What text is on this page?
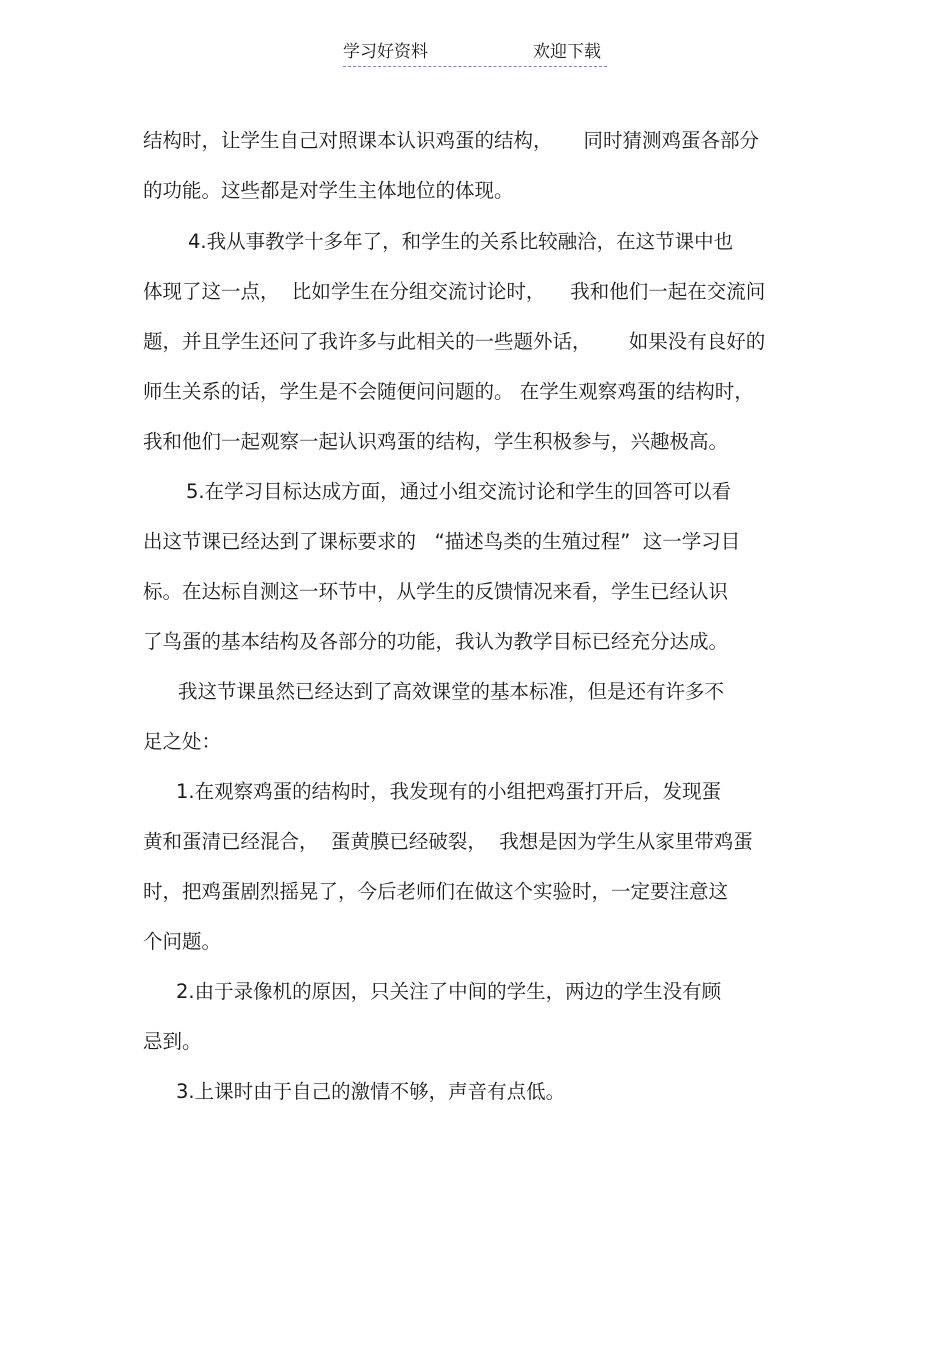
学习好资料	欢迎下载
结构时，让学生自己对照课本认识鸡蛋的结构，     同时猜测鸡蛋各部分
的功能。这些都是对学生主体地位的体现。
4.我从事教学十多年了，和学生的关系比较融洽，在这节课中也
体现了这一点，  比如学生在分组交流讨论时，    我和他们一起在交流问
题，并且学生还问了我许多与此相关的一些题外话，      如果没有良好的
师生关系的话，学生是不会随便问问题的。 在学生观察鸡蛋的结构时，
我和他们一起观察一起认识鸡蛋的结构，学生积极参与，兴趣极高。
5.在学习目标达成方面，通过小组交流讨论和学生的回答可以看
出这节课已经达到了课标要求的   “描述鸟类的生殖过程”  这一学习目
标。在达标自测这一环节中，从学生的反馈情况来看，学生已经认识
了鸟蛋的基本结构及各部分的功能，我认为教学目标已经充分达成。
我这节课虽然已经达到了高效课堂的基本标准，但是还有许多不
足之处：
1.在观察鸡蛋的结构时，我发现有的小组把鸡蛋打开后，发现蛋
黄和蛋清已经混合，  蛋黄膜已经破裂，  我想是因为学生从家里带鸡蛋
时，把鸡蛋剧烈摇晃了，今后老师们在做这个实验时，一定要注意这
个问题。
2.由于录像机的原因，只关注了中间的学生，两边的学生没有顾
忌到。
3.上课时由于自己的激情不够，声音有点低。
